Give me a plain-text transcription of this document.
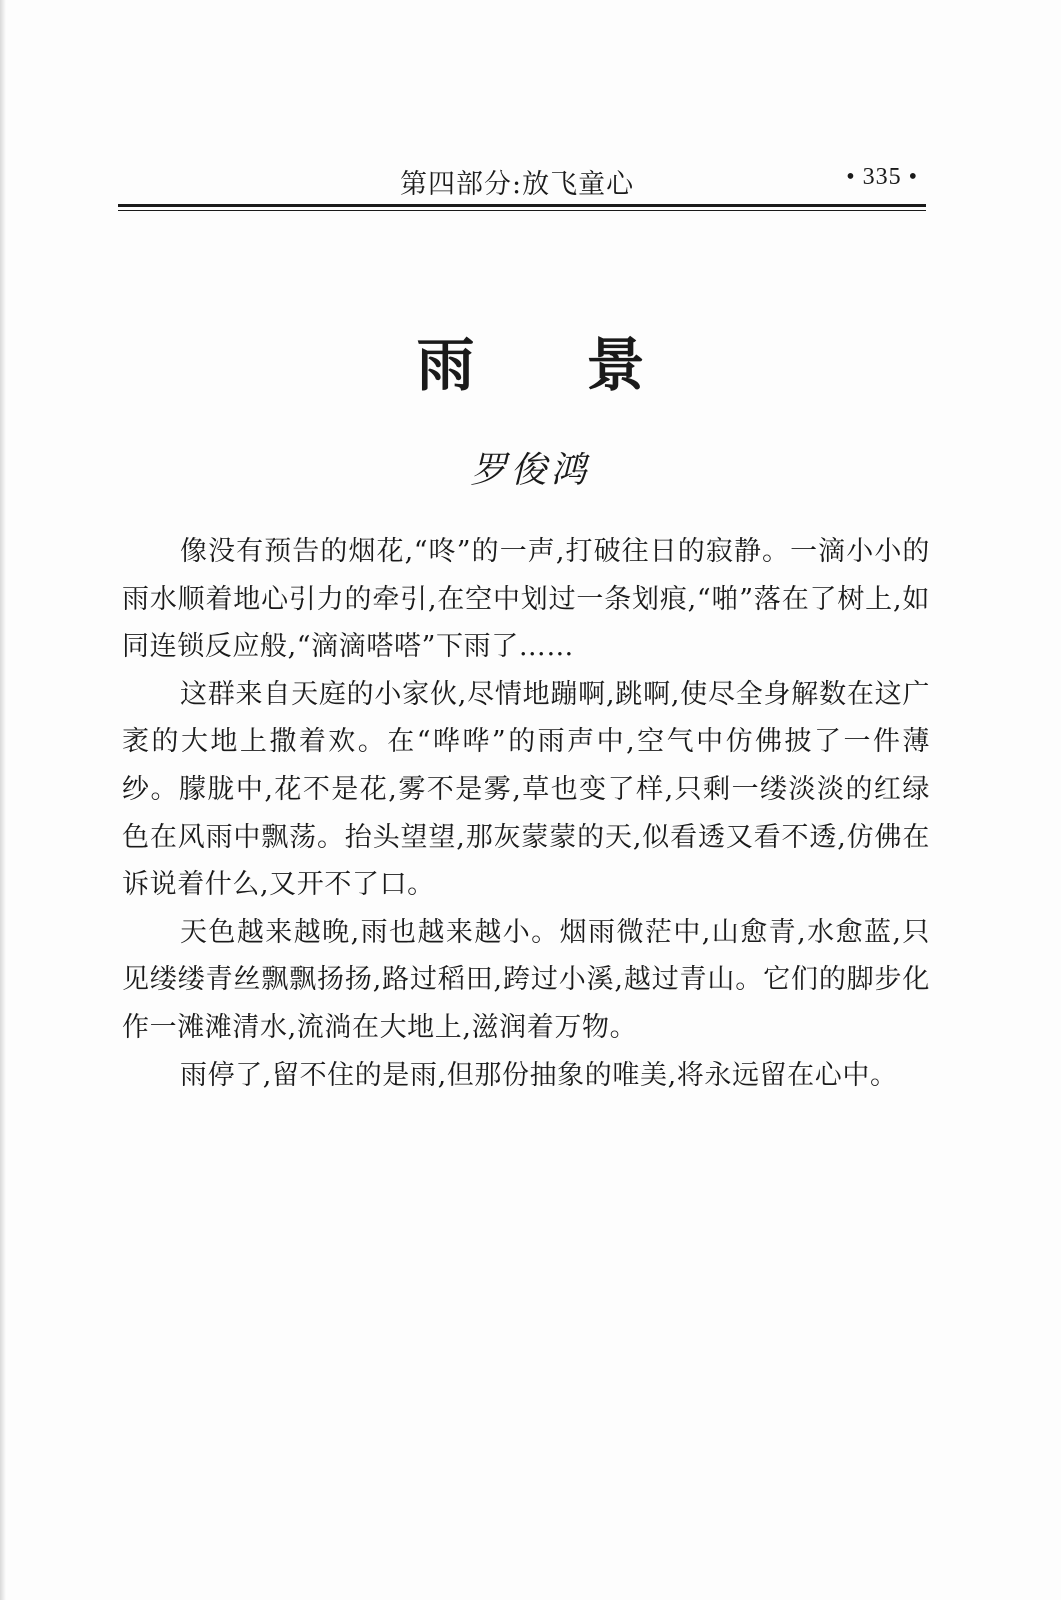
第四部分:放飞童心	• 335 •
雨景
罗俊鸿

像没有预告的烟花,“咚”的一声,打破往日的寂静。一滴小小的雨水顺着地心引力的牵引,在空中划过一条划痕,“啪”落在了树上,如同连锁反应般,“滴滴嗒嗒”下雨了……

这群来自天庭的小家伙,尽情地蹦啊,跳啊,使尽全身解数在这广袤的大地上撒着欢。在“哗哗”的雨声中,空气中仿佛披了一件薄纱。朦胧中,花不是花,雾不是雾,草也变了样,只剩一缕淡淡的红绿色在风雨中飘荡。抬头望望,那灰蒙蒙的天,似看透又看不透,仿佛在诉说着什么,又开不了口。

天色越来越晚,雨也越来越小。烟雨微茫中,山愈青,水愈蓝,只见缕缕青丝飘飘扬扬,路过稻田,跨过小溪,越过青山。它们的脚步化作一滩滩清水,流淌在大地上,滋润着万物。

雨停了,留不住的是雨,但那份抽象的唯美,将永远留在心中。
